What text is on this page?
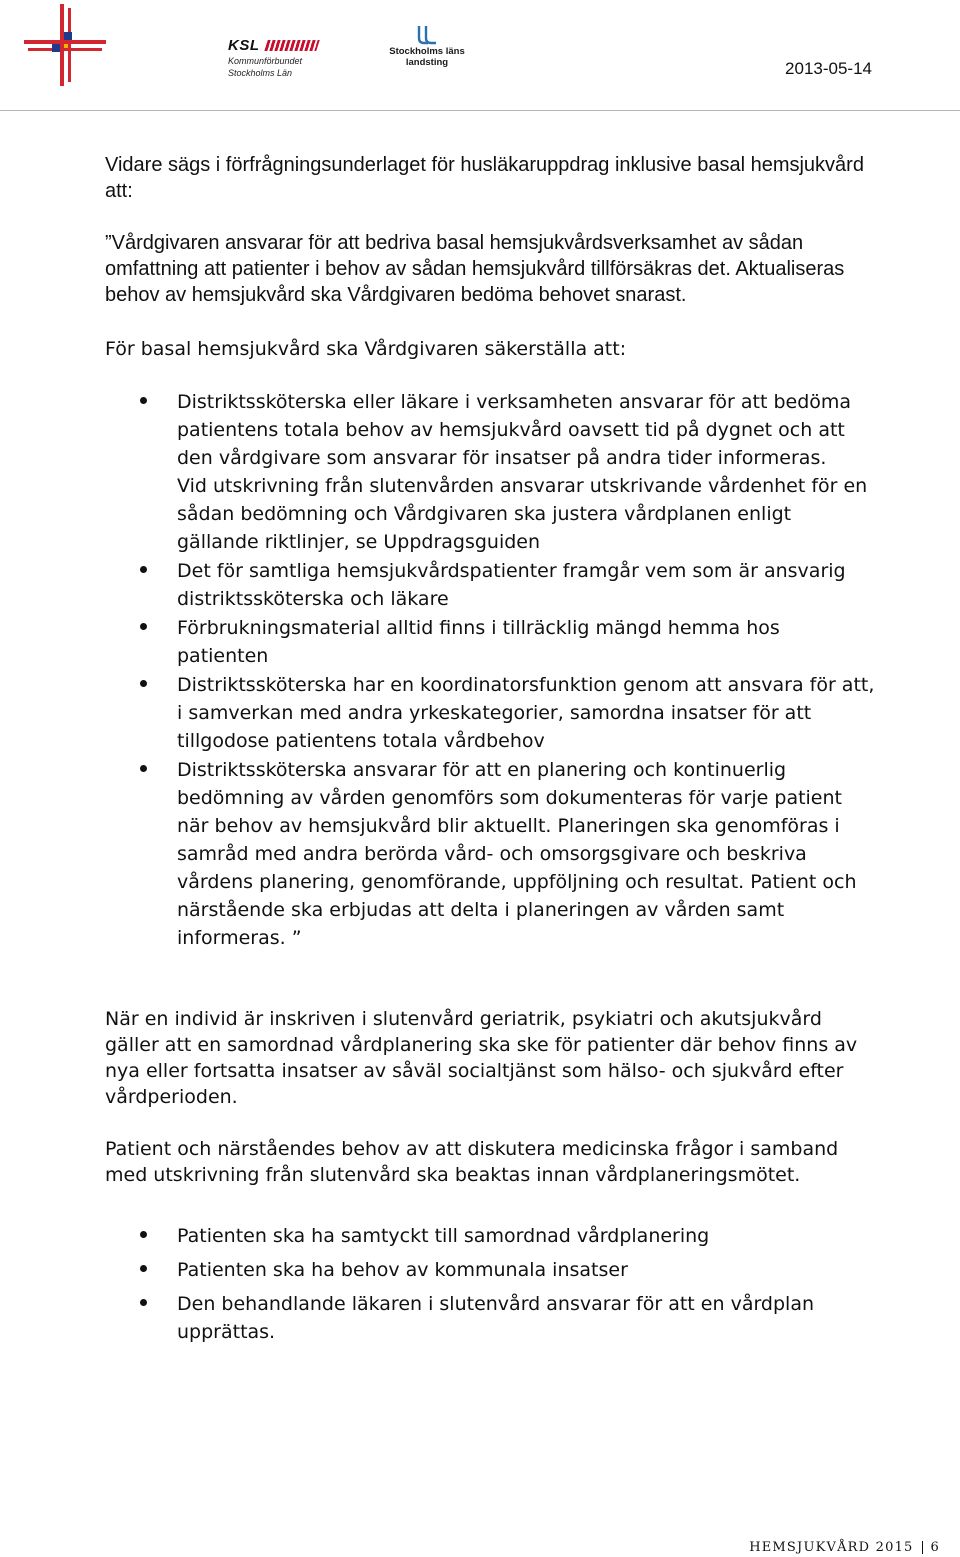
KSL
Kommunförbundet
Stockholms Län
Stockholms läns
landsting	2013-05-14

Vidare sägs i förfrågningsunderlaget för husläkaruppdrag inklusive basal hemsjukvård att:

”Vårdgivaren ansvarar för att bedriva basal hemsjukvårdsverksamhet av sådan omfattning att patienter i behov av sådan hemsjukvård tillförsäkras det. Aktualiseras behov av hemsjukvård ska Vårdgivaren bedöma behovet snarast.

För basal hemsjukvård ska Vårdgivaren säkerställa att:

Distriktssköterska eller läkare i verksamheten ansvarar för att bedöma patientens totala behov av hemsjukvård oavsett tid på dygnet och att den vårdgivare som ansvarar för insatser på andra tider informeras.
Vid utskrivning från slutenvården ansvarar utskrivande vårdenhet för en sådan bedömning och Vårdgivaren ska justera vårdplanen enligt gällande riktlinjer, se Uppdragsguiden
Det för samtliga hemsjukvårdspatienter framgår vem som är ansvarig distriktssköterska och läkare
Förbrukningsmaterial alltid finns i tillräcklig mängd hemma hos patienten
Distriktssköterska har en koordinatorsfunktion genom att ansvara för att, i samverkan med andra yrkeskategorier, samordna insatser för att tillgodose patientens totala vårdbehov
Distriktssköterska ansvarar för att en planering och kontinuerlig bedömning av vården genomförs som dokumenteras för varje patient när behov av hemsjukvård blir aktuellt. Planeringen ska genomföras i samråd med andra berörda vård- och omsorgsgivare och beskriva vårdens planering, genomförande, uppföljning och resultat. Patient och närstående ska erbjudas att delta i planeringen av vården samt informeras. ”

När en individ är inskriven i slutenvård geriatrik, psykiatri och akutsjukvård gäller att en samordnad vårdplanering ska ske för patienter där behov finns av nya eller fortsatta insatser av såväl socialtjänst som hälso- och sjukvård efter vårdperioden.

Patient och närståendes behov av att diskutera medicinska frågor i samband med utskrivning från slutenvård ska beaktas innan vårdplaneringsmötet.

Patienten ska ha samtyckt till samordnad vårdplanering
Patienten ska ha behov av kommunala insatser
Den behandlande läkaren i slutenvård ansvarar för att en vårdplan upprättas.
HEMSJUKVÅRD 2015 6
